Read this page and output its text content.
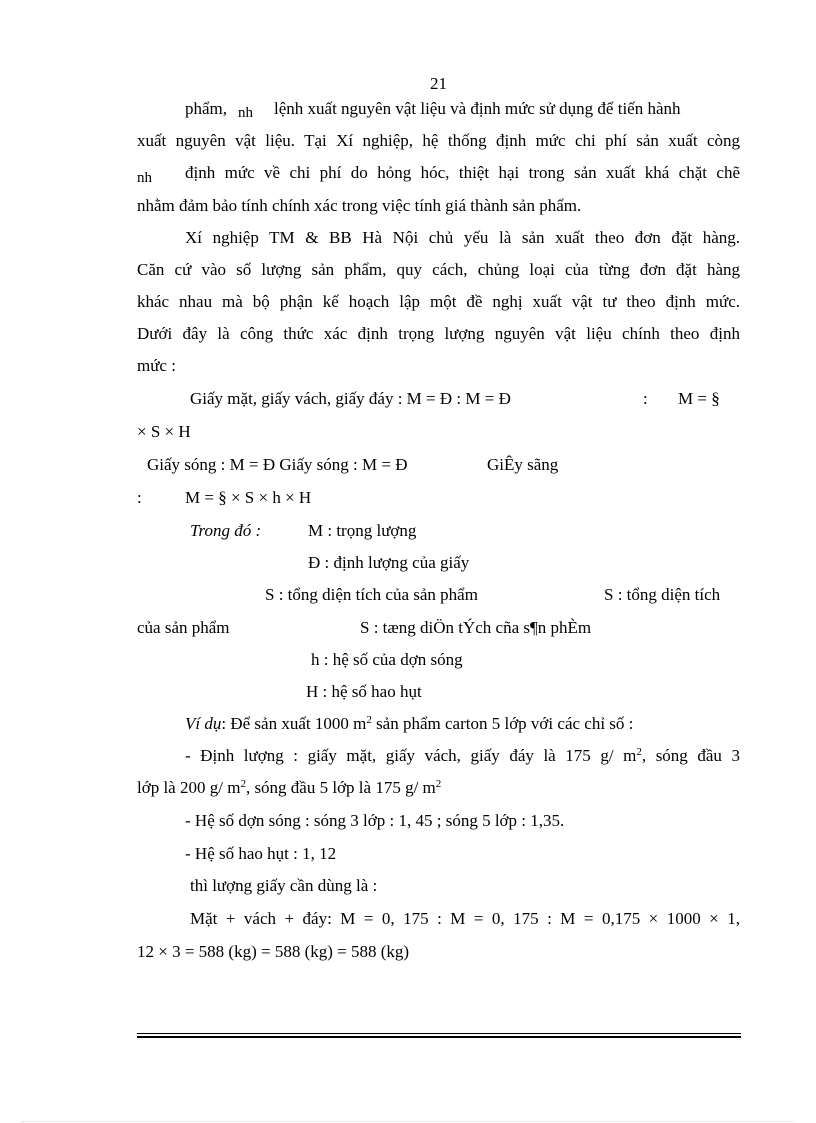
21
phẩm, nh lệnh xuất nguyên vật liệu và định mức sử dụng để tiến hành
xuất nguyên vật liệu. Tại Xí nghiệp, hệ thống định mức chi phí sản xuất còng
nh định mức về chi phí do hỏng hóc, thiệt hại trong sản xuất khá chặt chẽ
nhằm đảm bảo tính chính xác trong việc tính giá thành sản phẩm.
Xí nghiệp TM & BB Hà Nội chủ yếu là sản xuất theo đơn đặt hàng.
Căn cứ vào số lượng sản phẩm, quy cách, chủng loại của từng đơn đặt hàng
khác nhau mà bộ phận kế hoạch lập một đề nghị xuất vật tư theo định mức.
Dưới đây là công thức xác định trọng lượng nguyên vật liệu chính theo định
mức :
Giấy mặt, giấy vách, giấy đáy : M = Đ : M = Đ	: M = §
× S × H
Giấy sóng : M = Đ Giấy sóng : M = Đ	GiÊy sãng
:	M = § × S × h × H
Trong đó :	M : trọng lượng
Đ : định lượng của giấy
S : tổng diện tích của sản phẩm	S : tổng diện tích
của sản phẩm	S : tæng diÖn tÝch cña s¶n phÈm
h : hệ số của dợn sóng
H : hệ số hao hụt
Ví dụ: Để sản xuất 1000 $m^2$ sản phẩm carton 5 lớp với các chỉ số :
- Định lượng : giấy mặt, giấy vách, giấy đáy là 175 g/ $m^2$, sóng đầu 3
lớp là 200 g/ $m^2$, sóng đầu 5 lớp là 175 g/ $m^2$
- Hệ số dợn sóng : sóng 3 lớp : 1, 45 ; sóng 5 lớp : 1,35.
- Hệ số hao hụt : 1, 12
thì lượng giấy cần dùng là :
Mặt + vách + đáy: M = 0, 175 : M = 0, 175 : M = 0,175 × 1000 × 1,
12 × 3 = 588 (kg) = 588 (kg) = 588 (kg)
